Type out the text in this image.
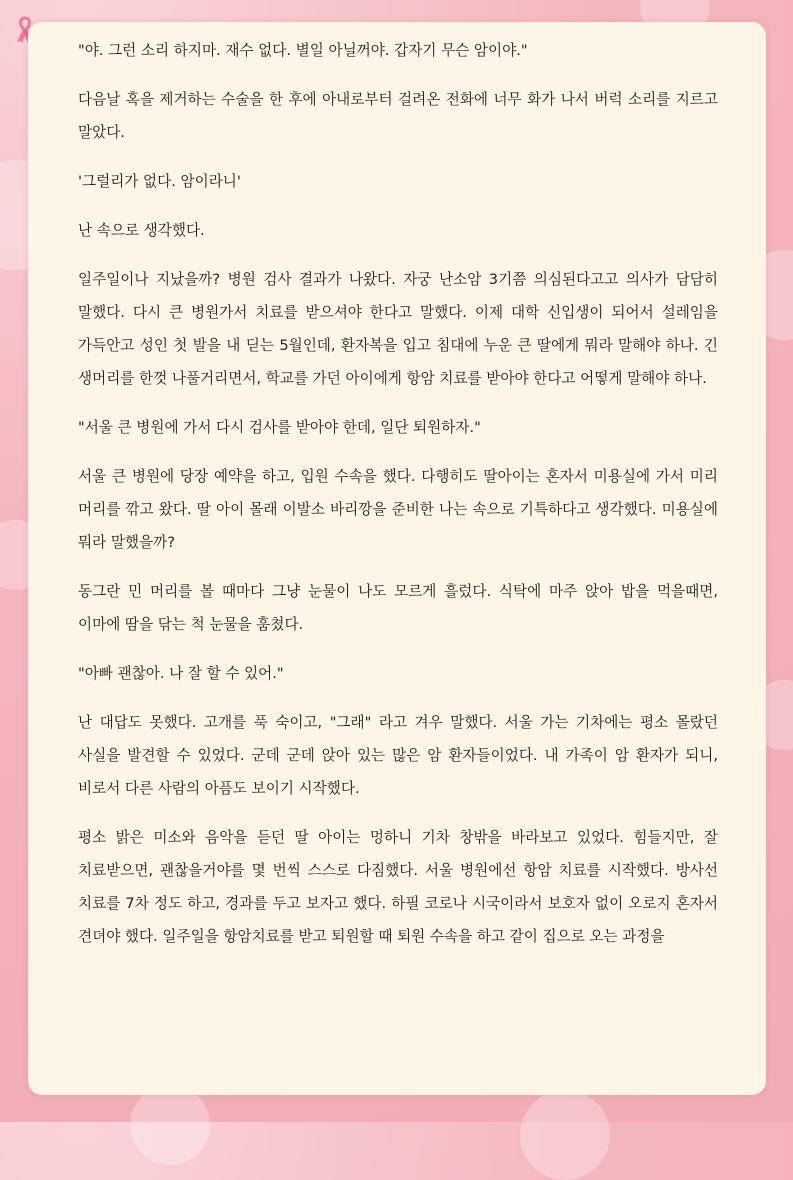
"야. 그런 소리 하지마. 재수 없다. 별일 아닐꺼야. 갑자기 무슨 암이야."

다음날 혹을 제거하는 수술을 한 후에 아내로부터 걸려온 전화에 너무 화가 나서 버럭 소리를 지르고 말았다.

'그럴리가 없다. 암이라니'

난 속으로 생각했다.

일주일이나 지났을까? 병원 검사 결과가 나왔다. 자궁 난소암 3기쯤 의심된다고고 의사가 담담히 말했다. 다시 큰 병원가서 치료를 받으셔야 한다고 말했다. 이제 대학 신입생이 되어서 설레임을 가득안고 성인 첫 발을 내 딛는 5월인데, 환자복을 입고 침대에 누운 큰 딸에게 뭐라 말해야 하나. 긴 생머리를 한껏 나풀거리면서, 학교를 가던 아이에게 항암 치료를 받아야 한다고 어떻게 말해야 하나.

"서울 큰 병원에 가서 다시 검사를 받아야 한데, 일단 퇴원하자."

서울 큰 병원에 당장 예약을 하고, 입원 수속을 했다. 다행히도 딸아이는 혼자서 미용실에 가서 미리 머리를 깎고 왔다. 딸 아이 몰래 이발소 바리깡을 준비한 나는 속으로 기특하다고 생각했다. 미용실에 뭐라 말했을까?

동그란 민 머리를 볼 때마다 그냥 눈물이 나도 모르게 흘렀다. 식탁에 마주 앉아 밥을 먹을때면, 이마에 땀을 닦는 척 눈물을 훔쳤다.

"아빠 괜찮아. 나 잘 할 수 있어."

난 대답도 못했다. 고개를 푹 숙이고, "그래" 라고 겨우 말했다. 서울 가는 기차에는 평소 몰랐던 사실을 발견할 수 있었다. 군데 군데 앉아 있는 많은 암 환자들이었다. 내 가족이 암 환자가 되니, 비로서 다른 사람의 아픔도 보이기 시작했다.

평소 밝은 미소와 음악을 듣던 딸 아이는 멍하니 기차 창밖을 바라보고 있었다. 힘들지만, 잘 치료받으면, 괜찮을거야를 몇 번씩 스스로 다짐했다. 서울 병원에선 항암 치료를 시작했다. 방사선 치료를 7차 정도 하고, 경과를 두고 보자고 했다. 하필 코로나 시국이라서 보호자 없이 오로지 혼자서 견뎌야 했다. 일주일을 항암치료를 받고 퇴원할 때 퇴원 수속을 하고 같이 집으로 오는 과정을
